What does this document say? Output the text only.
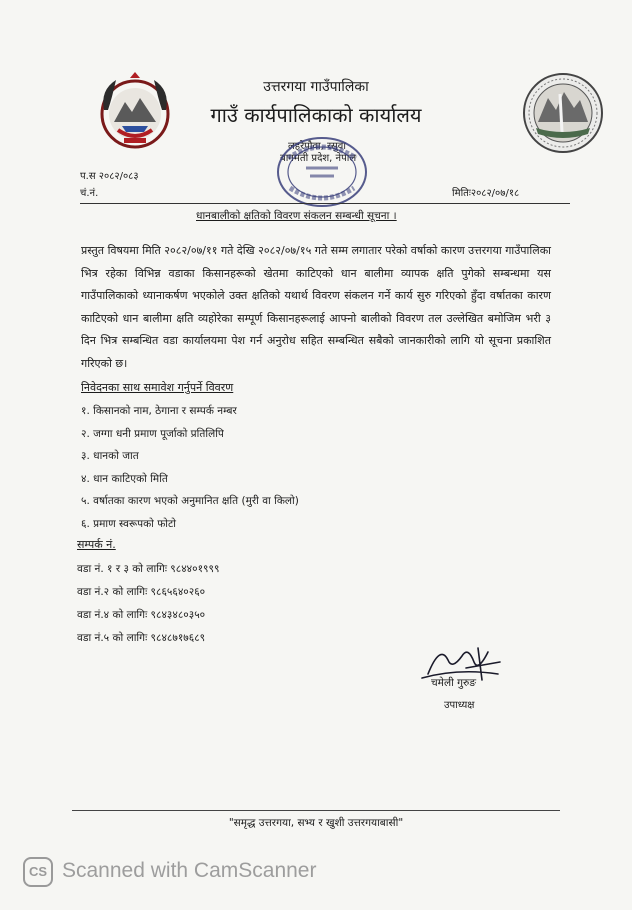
उत्तरगया गाउँपालिका
गाउँ कार्यपालिकाको कार्यालय
लहरेपौवा, रसुवा
बागमती प्रदेश, नेपाल
प.स २०८२/०८३
चं.नं.	मितिः२०८२/०७/१८
धानबालीको क्षतिको विवरण संकलन सम्बन्धी सूचना ।
प्रस्तुत विषयमा मिति २०८२/०७/११ गते देखि २०८२/०७/१५ गते सम्म लगातार परेको वर्षाको कारण उत्तरगया गाउँपालिका भित्र रहेका विभिन्न वडाका किसानहरूको खेतमा काटिएको धान बालीमा व्यापक क्षति पुगेको सम्बन्धमा यस गाउँपालिकाको ध्यानाकर्षण भएकोले उक्त क्षतिको यथार्थ विवरण संकलन गर्ने कार्य सुरु गरिएको हुँदा वर्षातका कारण काटिएको धान बालीमा क्षति व्यहोरेका सम्पूर्ण किसानहरूलाई आफ्नो बालीको विवरण तल उल्लेखित बमोजिम भरी ३ दिन भित्र सम्बन्धित वडा कार्यालयमा पेश गर्न अनुरोध सहित सम्बन्धित सबैको जानकारीको लागि यो सूचना प्रकाशित गरिएको छ।
निवेदनका साथ समावेश गर्नुपर्ने विवरण
१. किसानको नाम, ठेगाना र सम्पर्क नम्बर
२. जग्गा धनी प्रमाण पूर्जाको प्रतिलिपि
३. धानको जात
४. धान काटिएको मिति
५. वर्षातका कारण भएको अनुमानित क्षति (मुरी वा किलो)
६. प्रमाण स्वरूपको फोटो
सम्पर्क नं.
वडा नं. १ र ३ को लागिः ९८४४०१९९९
वडा नं.२ को लागिः ९८६५६४०२६०
वडा नं.४ को लागिः ९८४३४८०३५०
वडा नं.५ को लागिः ९८४८७१७६८९
चमेली गुरुङ
उपाध्यक्ष
"समृद्ध उत्तरगया, सभ्य र खुशी उत्तरगयाबासी"
CS Scanned with CamScanner
